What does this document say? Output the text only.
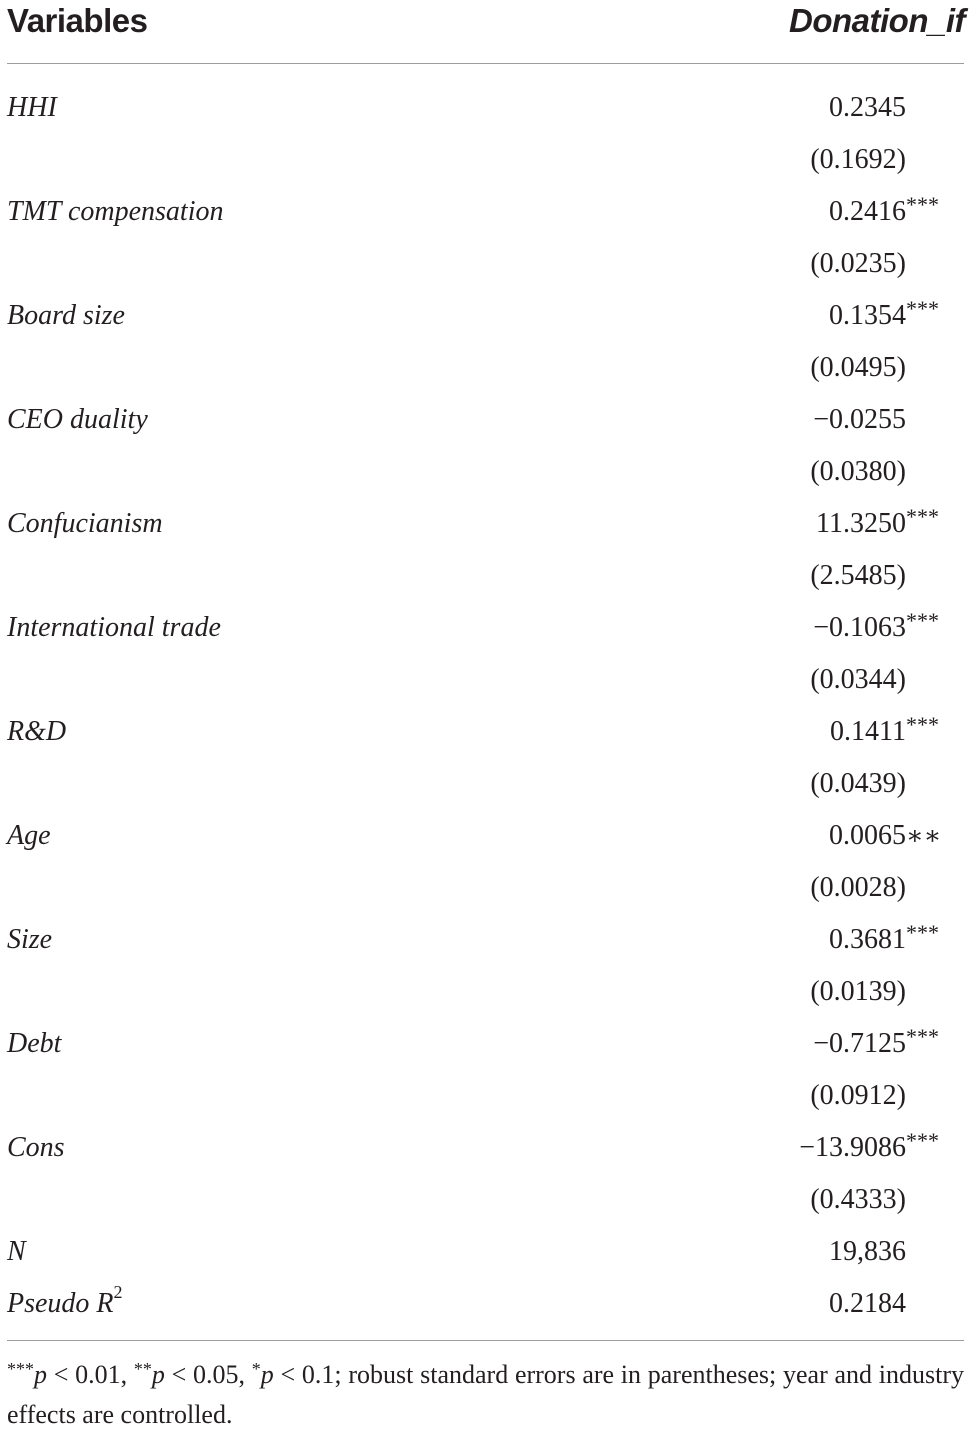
Variables	Donation_if
HHI	0.2345
(0.1692)
TMT compensation	0.2416 ***
(0.0235)
Board size	0.1354 ***
(0.0495)
CEO duality	−0.0255
(0.0380)
Confucianism	11.3250 ***
(2.5485)
International trade	−0.1063 ***
(0.0344)
R&D	0.1411 ***
(0.0439)
Age	0.0065 ∗∗
(0.0028)
Size	0.3681 ***
(0.0139)
Debt	−0.7125 ***
(0.0912)
Cons	−13.9086 ***
(0.4333)
N	19,836
Pseudo $R^2$	0.2184
***p < 0.01, **p < 0.05, *p < 0.1; robust standard errors are in parentheses; year and industry effects are controlled.
